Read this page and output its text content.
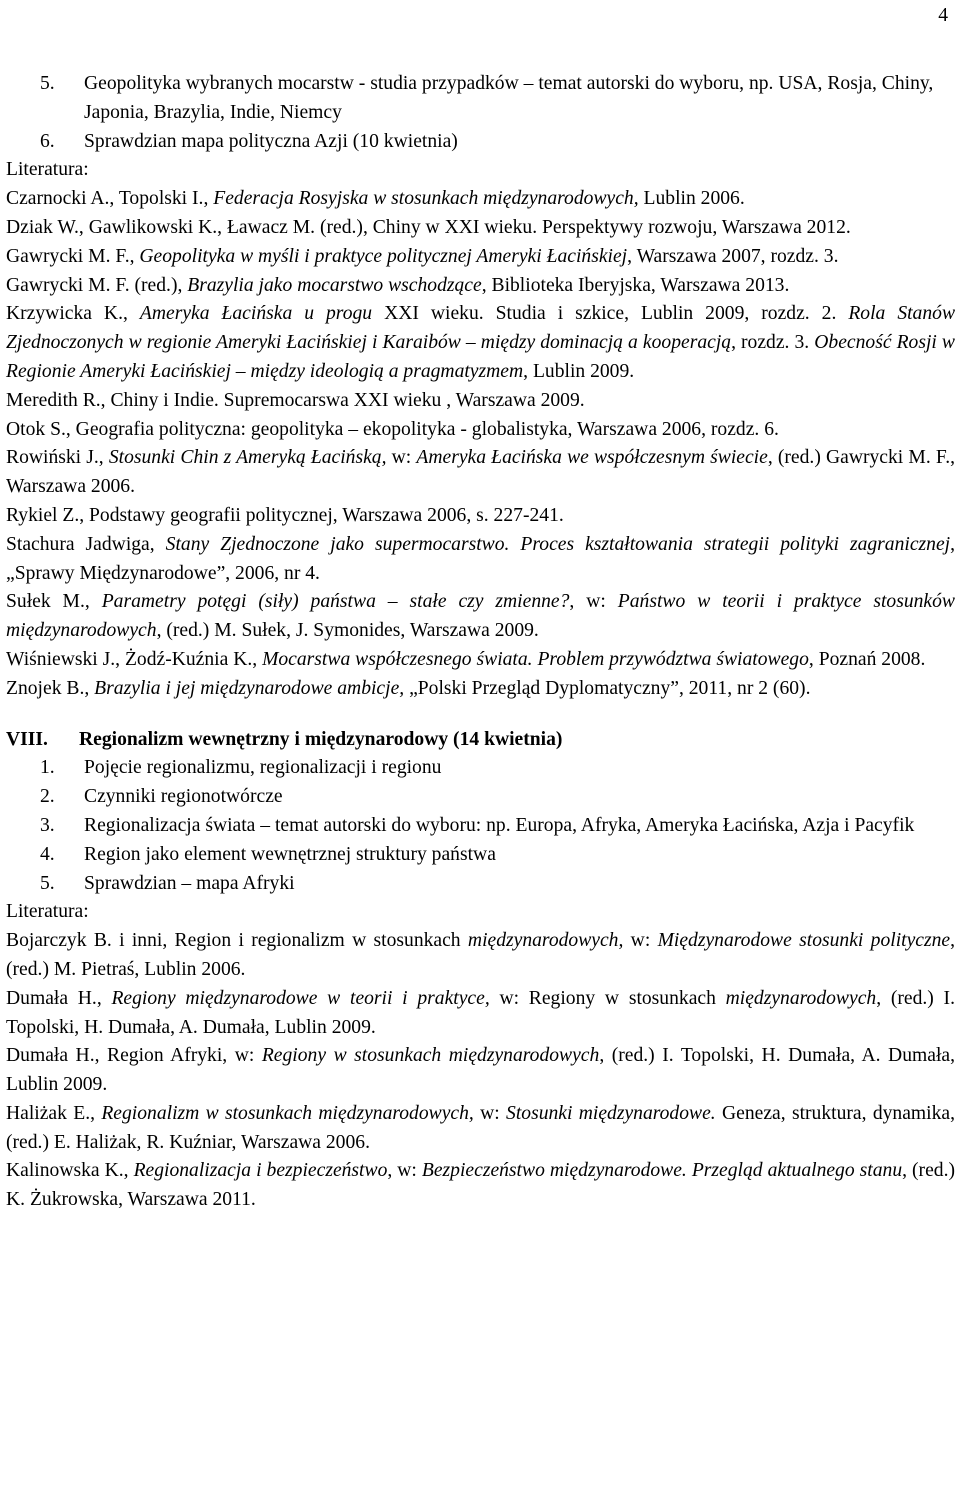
4
5.	Geopolityka wybranych mocarstw - studia przypadków – temat autorski do wyboru, np. USA, Rosja, Chiny, Japonia, Brazylia, Indie, Niemcy
6.	Sprawdzian mapa polityczna Azji (10 kwietnia)
Literatura:
Czarnocki A., Topolski I., Federacja Rosyjska w stosunkach międzynarodowych, Lublin 2006.
Dziak W., Gawlikowski K., Ławacz M. (red.), Chiny w XXI wieku. Perspektywy rozwoju, Warszawa 2012.
Gawrycki M. F., Geopolityka w myśli i praktyce politycznej Ameryki Łacińskiej, Warszawa 2007, rozdz. 3.
Gawrycki M. F. (red.), Brazylia jako mocarstwo wschodzące, Biblioteka Iberyjska, Warszawa 2013.
Krzywicka K., Ameryka Łacińska u progu XXI wieku. Studia i szkice, Lublin 2009, rozdz. 2. Rola Stanów Zjednoczonych w regionie Ameryki Łacińskiej i Karaibów – między dominacją a kooperacją, rozdz. 3. Obecność Rosji w Regionie Ameryki Łacińskiej – między ideologią a pragmatyzmem, Lublin 2009.
Meredith R., Chiny i Indie. Supremocarswa XXI wieku , Warszawa 2009.
Otok S., Geografia polityczna: geopolityka – ekopolityka - globalistyka, Warszawa 2006, rozdz. 6.
Rowiński J., Stosunki Chin z Ameryką Łacińską, w: Ameryka Łacińska we współczesnym świecie, (red.) Gawrycki M. F., Warszawa 2006.
Rykiel Z., Podstawy geografii politycznej, Warszawa 2006, s. 227-241.
Stachura Jadwiga, Stany Zjednoczone jako supermocarstwo. Proces kształtowania strategii polityki zagranicznej, „Sprawy Międzynarodowe”, 2006, nr 4.
Sułek M., Parametry potęgi (siły) państwa – stałe czy zmienne?, w: Państwo w teorii i praktyce stosunków międzynarodowych, (red.) M. Sułek, J. Symonides, Warszawa 2009.
Wiśniewski J., Żodź-Kuźnia K., Mocarstwa współczesnego świata. Problem przywództwa światowego, Poznań 2008.
Znojek B., Brazylia i jej międzynarodowe ambicje, „Polski Przegląd Dyplomatyczny”, 2011, nr 2 (60).
VIII.	Regionalizm wewnętrzny i międzynarodowy (14 kwietnia)
1.	Pojęcie regionalizmu, regionalizacji i regionu
2.	Czynniki regionotwórcze
3.	Regionalizacja świata – temat autorski do wyboru: np. Europa, Afryka, Ameryka Łacińska, Azja i Pacyfik
4.	Region jako element wewnętrznej struktury państwa
5.	Sprawdzian – mapa Afryki
Literatura:
Bojarczyk B. i inni, Region i regionalizm w stosunkach międzynarodowych, w: Międzynarodowe stosunki polityczne, (red.) M. Pietraś, Lublin 2006.
Dumała H., Regiony międzynarodowe w teorii i praktyce, w: Regiony w stosunkach międzynarodowych, (red.) I. Topolski, H. Dumała, A. Dumała, Lublin 2009.
Dumała H., Region Afryki, w: Regiony w stosunkach międzynarodowych, (red.) I. Topolski, H. Dumała, A. Dumała, Lublin 2009.
Haliżak E., Regionalizm w stosunkach międzynarodowych, w: Stosunki międzynarodowe. Geneza, struktura, dynamika, (red.) E. Haliżak, R. Kuźniar, Warszawa 2006.
Kalinowska K., Regionalizacja i bezpieczeństwo, w: Bezpieczeństwo międzynarodowe. Przegląd aktualnego stanu, (red.) K. Żukrowska, Warszawa 2011.
